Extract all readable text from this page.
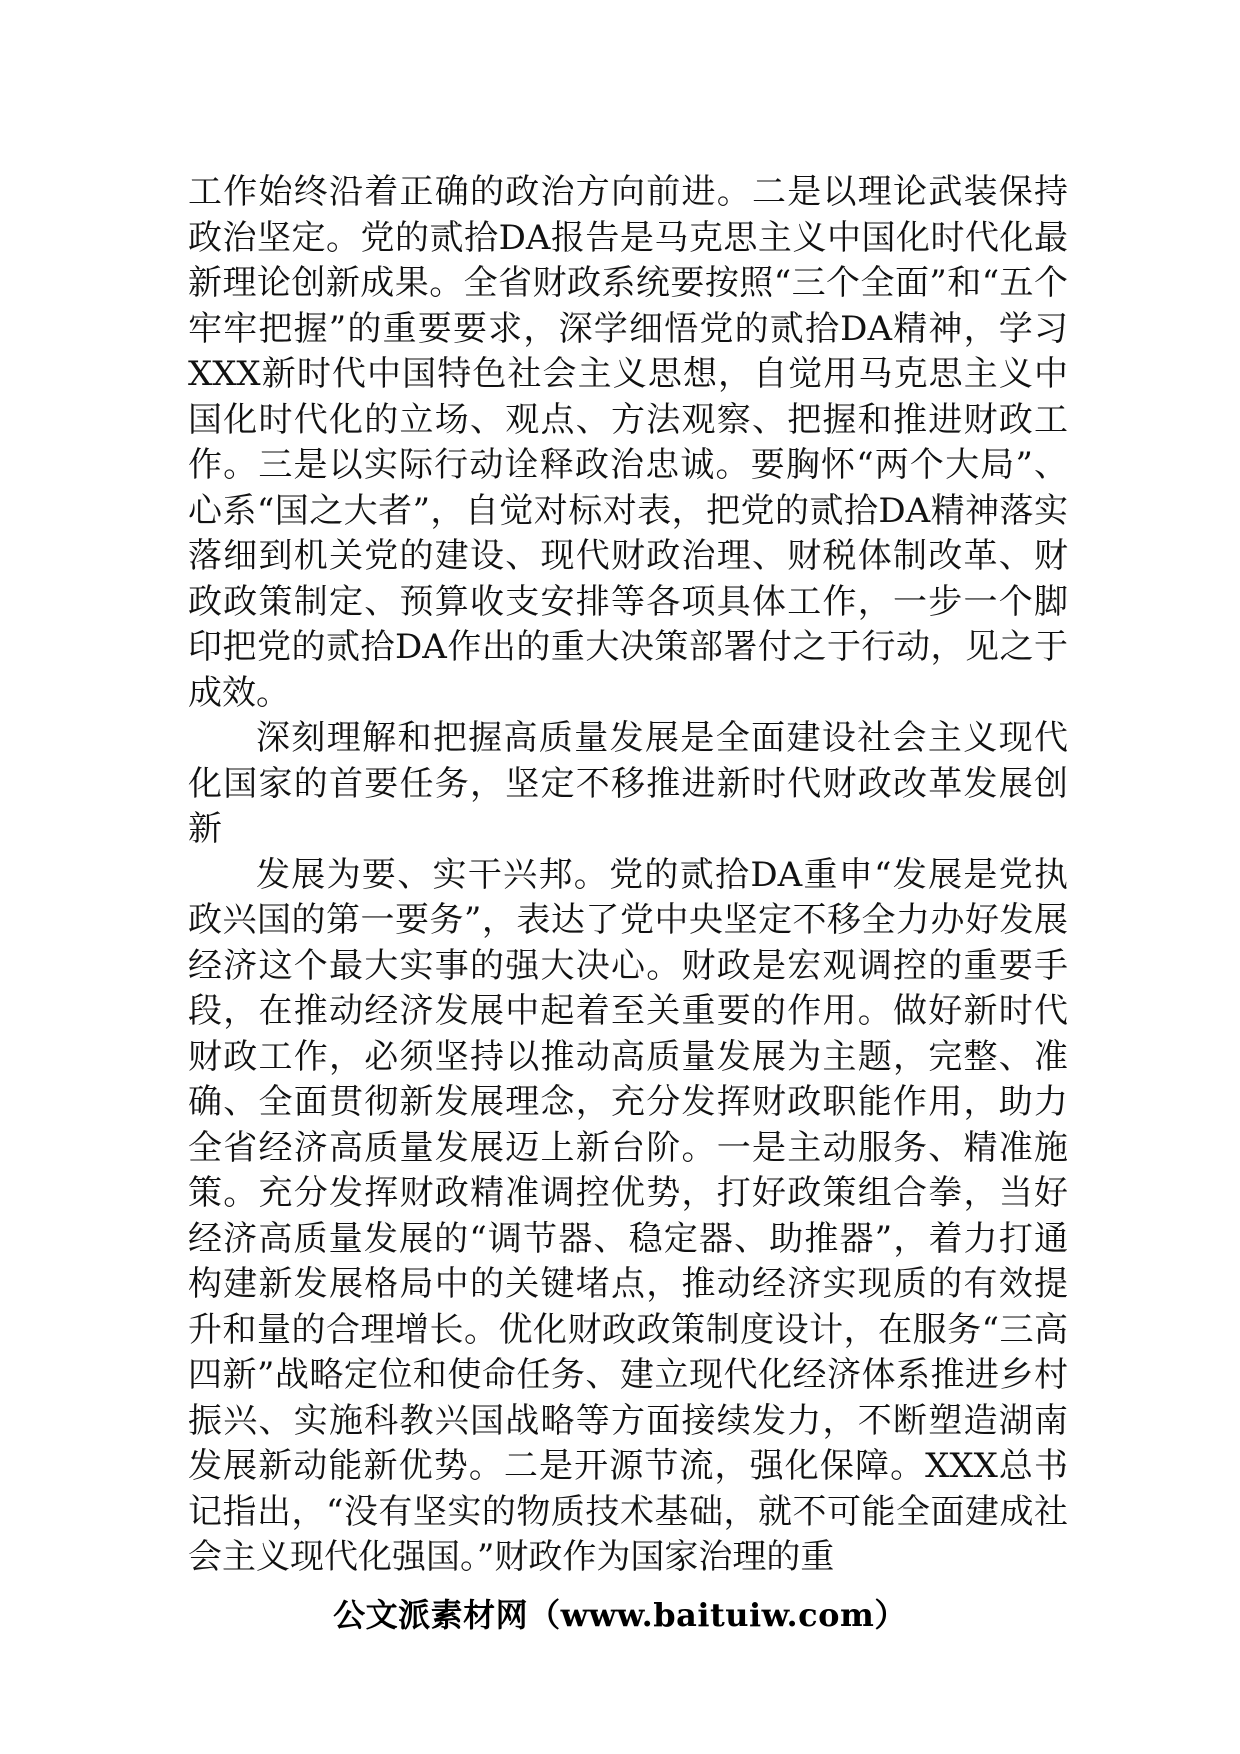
工作始终沿着正确的政治方向前进。二是以理论武装保持政治坚定。党的贰拾DA报告是马克思主义中国化时代化最新理论创新成果。全省财政系统要按照“三个全面”和“五个牢牢把握”的重要要求，深学细悟党的贰拾DA精神，学习XXX新时代中国特色社会主义思想，自觉用马克思主义中国化时代化的立场、观点、方法观察、把握和推进财政工作。三是以实际行动诠释政治忠诚。要胸怀“两个大局”、心系“国之大者”，自觉对标对表，把党的贰拾DA精神落实落细到机关党的建设、现代财政治理、财税体制改革、财政政策制定、预算收支安排等各项具体工作，一步一个脚印把党的贰拾DA作出的重大决策部署付之于行动，见之于成效。

深刻理解和把握高质量发展是全面建设社会主义现代化国家的首要任务，坚定不移推进新时代财政改革发展创新

发展为要、实干兴邦。党的贰拾DA重申“发展是党执政兴国的第一要务”，表达了党中央坚定不移全力办好发展经济这个最大实事的强大决心。财政是宏观调控的重要手段，在推动经济发展中起着至关重要的作用。做好新时代财政工作，必须坚持以推动高质量发展为主题，完整、准确、全面贯彻新发展理念，充分发挥财政职能作用，助力全省经济高质量发展迈上新台阶。一是主动服务、精准施策。充分发挥财政精准调控优势，打好政策组合拳，当好经济高质量发展的“调节器、稳定器、助推器”，着力打通构建新发展格局中的关键堵点，推动经济实现质的有效提升和量的合理增长。优化财政政策制度设计，在服务“三高四新”战略定位和使命任务、建立现代化经济体系推进乡村振兴、实施科教兴国战略等方面接续发力，不断塑造湖南发展新动能新优势。二是开源节流，强化保障。XXX总书记指出，“没有坚实的物质技术基础，就不可能全面建成社会主义现代化强国。”财政作为国家治理的重

公文派素材网（www.baituiw.com）
